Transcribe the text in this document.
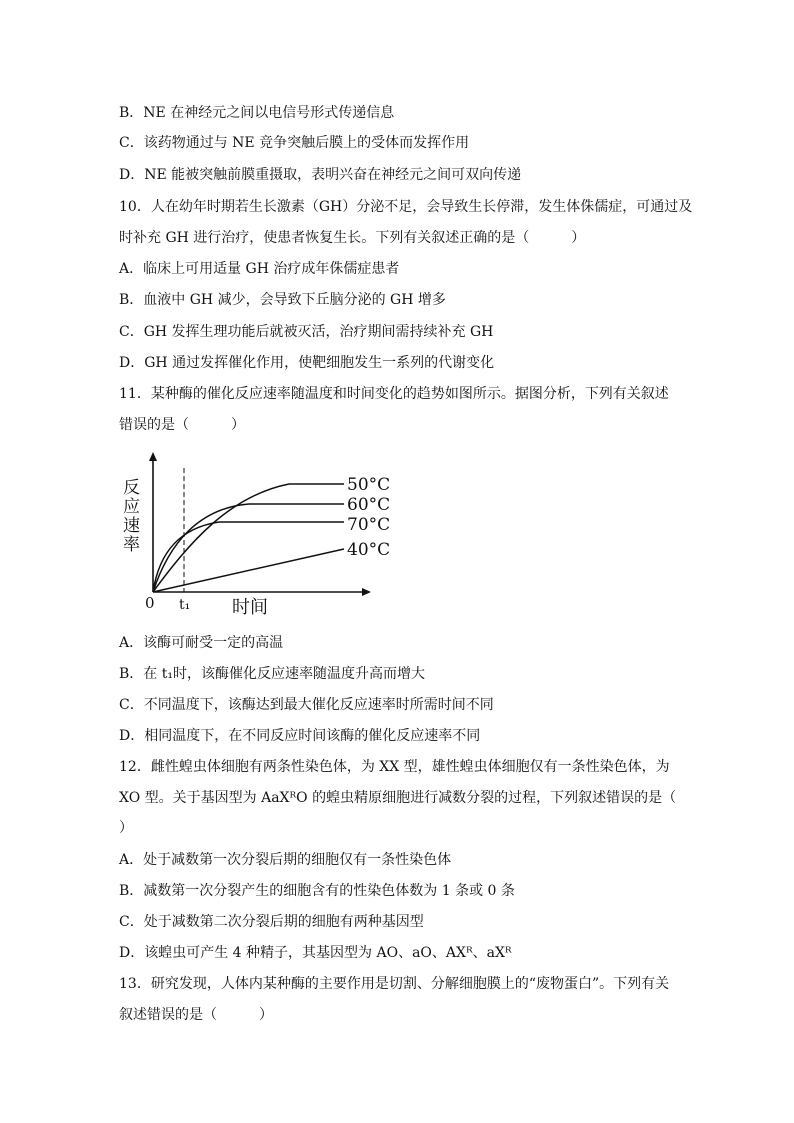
B．NE 在神经元之间以电信号形式传递信息
C．该药物通过与 NE 竞争突触后膜上的受体而发挥作用
D．NE 能被突触前膜重摄取，表明兴奋在神经元之间可双向传递
10．人在幼年时期若生长激素（GH）分泌不足，会导致生长停滞，发生体侏儒症，可通过及
时补充 GH 进行治疗，使患者恢复生长。下列有关叙述正确的是（　　　）
A．临床上可用适量 GH 治疗成年侏儒症患者
B．血液中 GH 减少，会导致下丘脑分泌的 GH 增多
C．GH 发挥生理功能后就被灭活，治疗期间需持续补充 GH
D．GH 通过发挥催化作用，使靶细胞发生一系列的代谢变化
11．某种酶的催化反应速率随温度和时间变化的趋势如图所示。据图分析，下列有关叙述
错误的是（　　　）
50°C
60°C
70°C
40°C
反应速率
0 t₁ 时间
A．该酶可耐受一定的高温
B．在 t₁时，该酶催化反应速率随温度升高而增大
C．不同温度下，该酶达到最大催化反应速率时所需时间不同
D．相同温度下，在不同反应时间该酶的催化反应速率不同
12．雌性蝗虫体细胞有两条性染色体，为 XX 型，雄性蝗虫体细胞仅有一条性染色体，为
XO 型。关于基因型为 AaXᴿO 的蝗虫精原细胞进行减数分裂的过程，下列叙述错误的是（
）
A．处于减数第一次分裂后期的细胞仅有一条性染色体
B．减数第一次分裂产生的细胞含有的性染色体数为 1 条或 0 条
C．处于减数第二次分裂后期的细胞有两种基因型
D．该蝗虫可产生 4 种精子，其基因型为 AO、aO、AXᴿ、aXᴿ
13．研究发现，人体内某种酶的主要作用是切割、分解细胞膜上的“废物蛋白”。下列有关
叙述错误的是（　　　）
